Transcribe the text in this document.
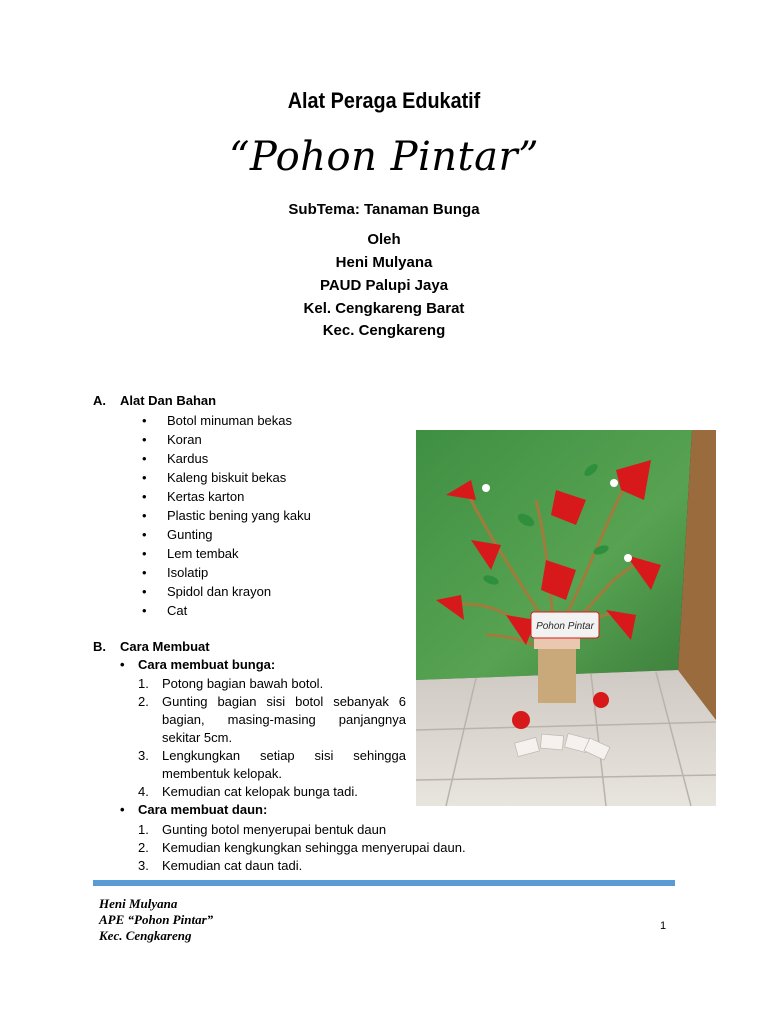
Alat Peraga Edukatif
“Pohon Pintar”
SubTema: Tanaman Bunga
Oleh
Heni Mulyana
PAUD Palupi Jaya
Kel. Cengkareng Barat
Kec. Cengkareng
A. Alat Dan Bahan
• Botol minuman bekas
• Koran
• Kardus
• Kaleng biskuit bekas
• Kertas karton
• Plastic bening yang kaku
• Gunting
• Lem tembak
• Isolatip
• Spidol dan krayon
• Cat
B. Cara Membuat
• Cara membuat bunga:
1. Potong bagian bawah botol.
2. Gunting bagian sisi botol sebanyak 6 bagian, masing-masing panjangnya sekitar 5cm.
3. Lengkungkan setiap sisi sehingga membentuk kelopak.
4. Kemudian cat kelopak bunga tadi.
• Cara membuat daun:
1. Gunting botol menyerupai bentuk daun
2. Kemudian kengkungkan sehingga menyerupai daun.
3. Kemudian cat daun tadi.
Pohon Pintar
Heni Mulyana
APE “Pohon Pintar”
Kec. Cengkareng
1
